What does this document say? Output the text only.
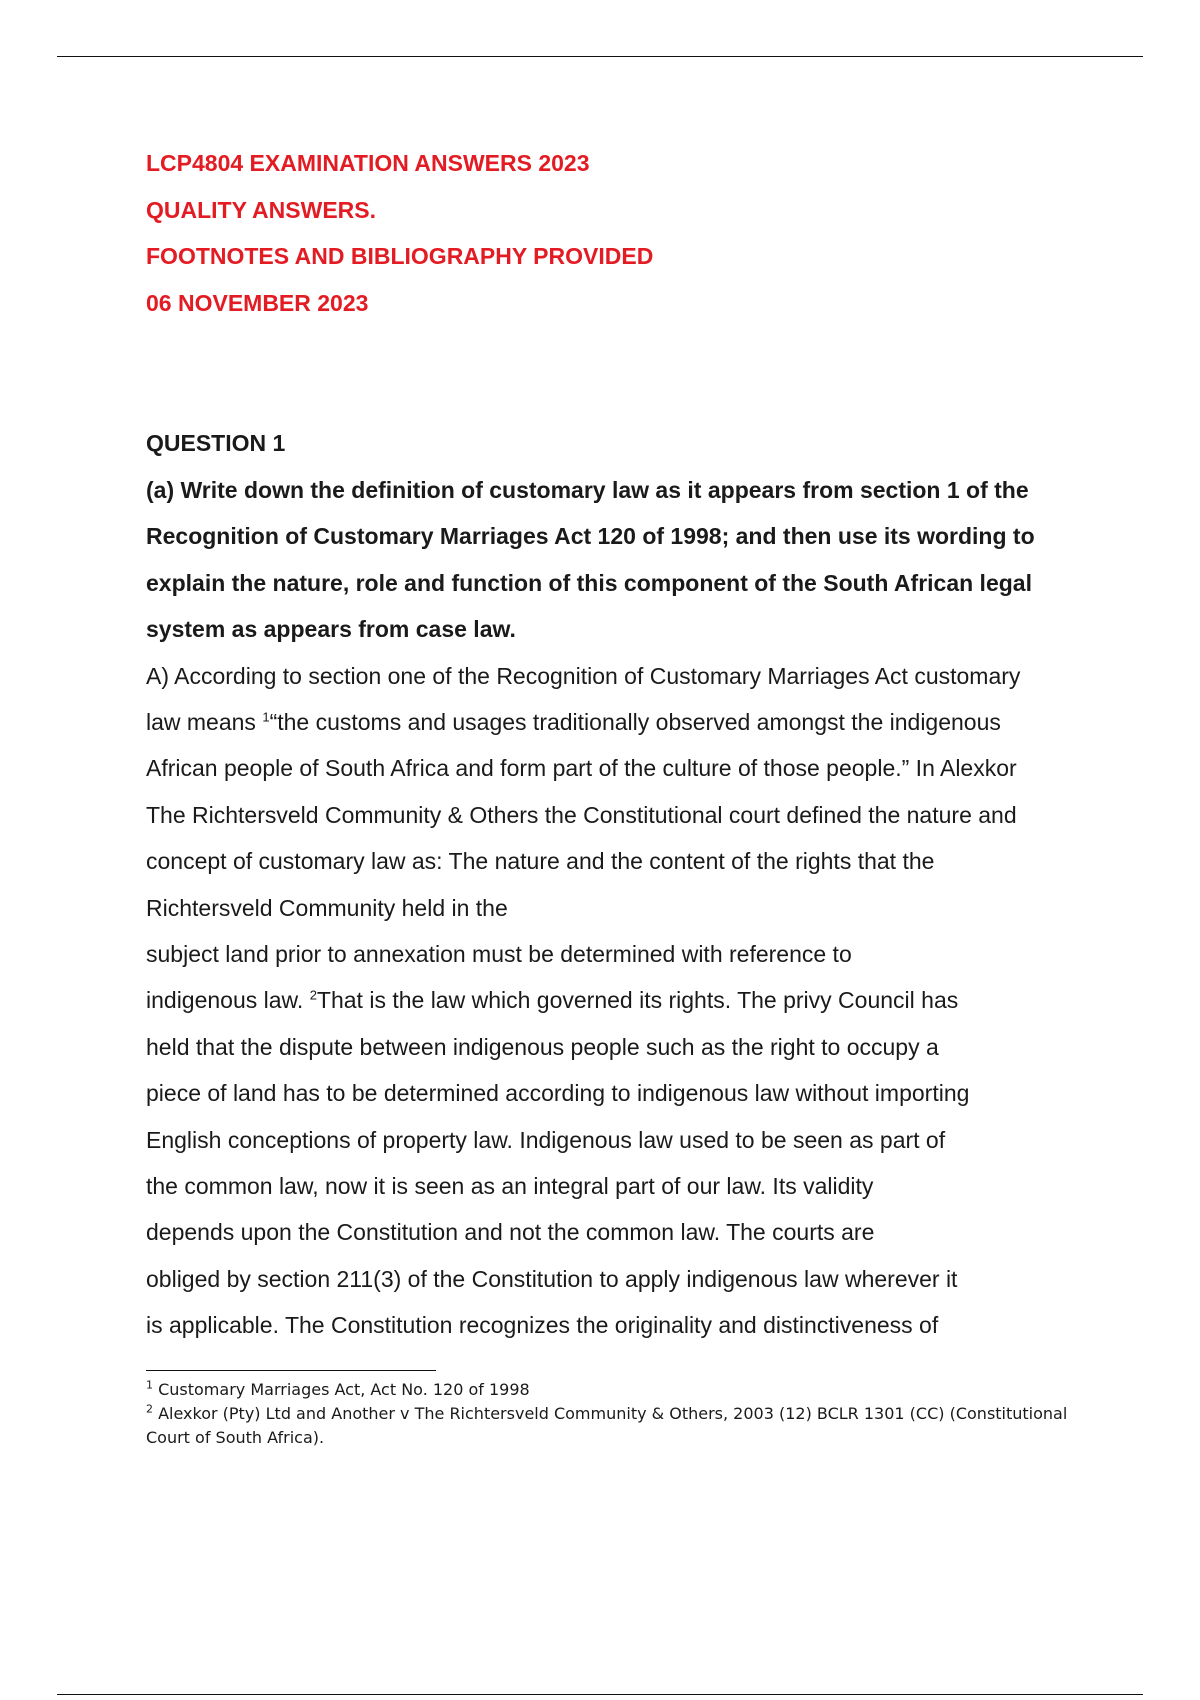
LCP4804 EXAMINATION ANSWERS 2023

QUALITY ANSWERS.

FOOTNOTES AND BIBLIOGRAPHY PROVIDED

06 NOVEMBER 2023

QUESTION 1

(a) Write down the definition of customary law as it appears from section 1 of the Recognition of Customary Marriages Act 120 of 1998; and then use its wording to explain the nature, role and function of this component of the South African legal system as appears from case law.

A) According to section one of the Recognition of Customary Marriages Act customary

law means $^1$“the customs and usages traditionally observed amongst the indigenous

African people of South Africa and form part of the culture of those people.” In Alexkor

The Richtersveld Community & Others the Constitutional court defined the nature and

concept of customary law as: The nature and the content of the rights that the

Richtersveld Community held in the

subject land prior to annexation must be determined with reference to

indigenous law. $^2$That is the law which governed its rights. The privy Council has

held that the dispute between indigenous people such as the right to occupy a

piece of land has to be determined according to indigenous law without importing

English conceptions of property law. Indigenous law used to be seen as part of

the common law, now it is seen as an integral part of our law. Its validity

depends upon the Constitution and not the common law. The courts are

obliged by section 211(3) of the Constitution to apply indigenous law wherever it

is applicable. The Constitution recognizes the originality and distinctiveness of

$^1$ Customary Marriages Act, Act No. 120 of 1998

$^2$ Alexkor (Pty) Ltd and Another v The Richtersveld Community & Others, 2003 (12) BCLR 1301 (CC) (Constitutional Court of South Africa).
